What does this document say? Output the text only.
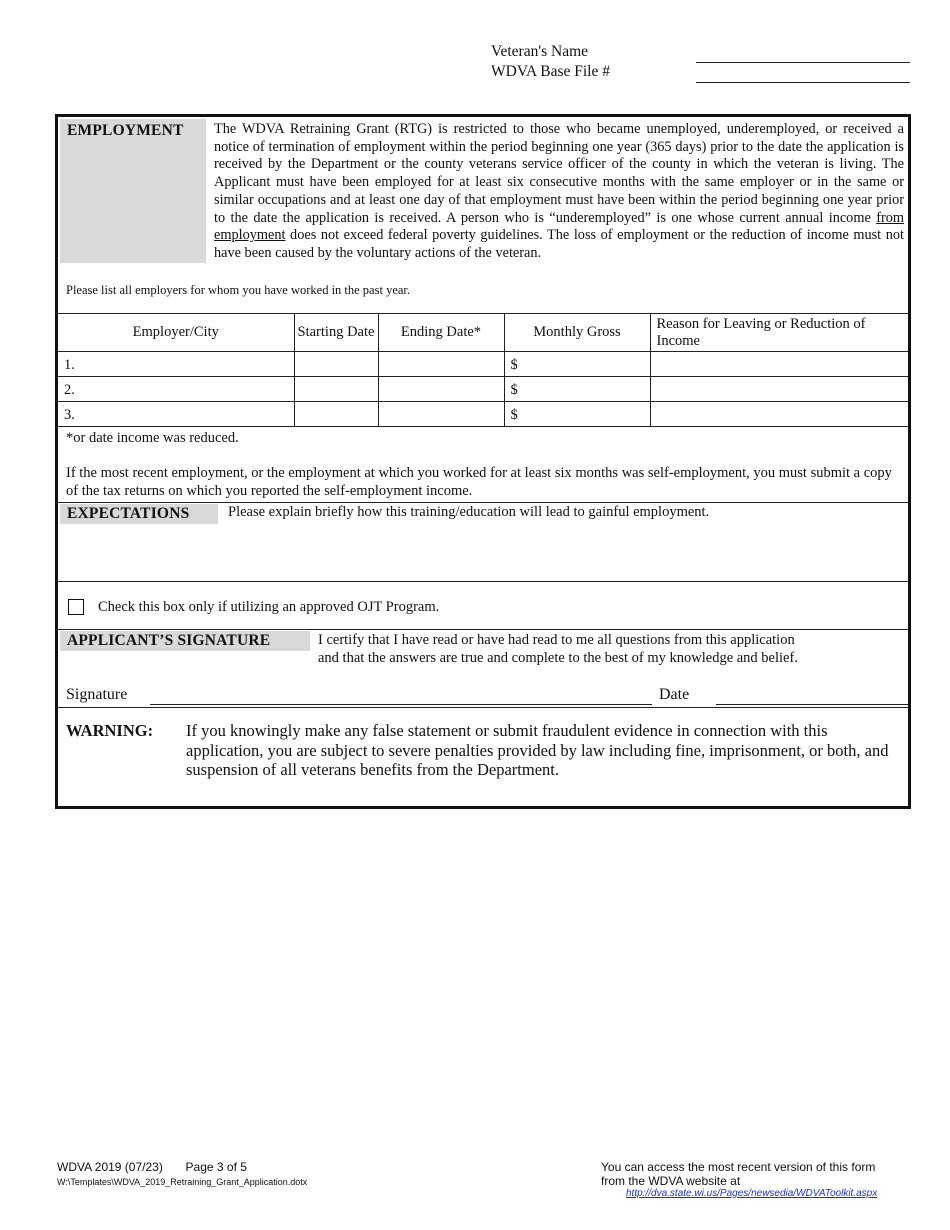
Veteran's Name
WDVA Base File #
EMPLOYMENT	The WDVA Retraining Grant (RTG) is restricted to those who became unemployed, underemployed, or received a notice of termination of employment within the period beginning one year (365 days) prior to the date the application is received by the Department or the county veterans service officer of the county in which the veteran is living. The Applicant must have been employed for at least six consecutive months with the same employer or in the same or similar occupations and at least one day of that employment must have been within the period beginning one year prior to the date the application is received. A person who is “underemployed” is one whose current annual income from employment does not exceed federal poverty guidelines. The loss of employment or the reduction of income must not have been caused by the voluntary actions of the veteran.
Please list all employers for whom you have worked in the past year.
Employer/City	Starting Date	Ending Date*	Monthly Gross	Reason for Leaving or Reduction of Income
1.			$	
2.			$	
3.			$	
*or date income was reduced.
If the most recent employment, or the employment at which you worked for at least six months was self-employment, you must submit a copy of the tax returns on which you reported the self-employment income.
EXPECTATIONS	Please explain briefly how this training/education will lead to gainful employment.
Check this box only if utilizing an approved OJT Program.
APPLICANT’S SIGNATURE	I certify that I have read or have had read to me all questions from this application
and that the answers are true and complete to the best of my knowledge and belief.
Signature	Date
WARNING: If you knowingly make any false statement or submit fraudulent evidence in connection with this application, you are subject to severe penalties provided by law including fine, imprisonment, or both, and suspension of all veterans benefits from the Department.
WDVA 2019 (07/23) Page 3 of 5
W:\Templates\WDVA_2019_Retraining_Grant_Application.dotx
You can access the most recent version of this form
from the WDVA website at
http://dva.state.wi.us/Pages/newsedia/WDVAToolkit.aspx
